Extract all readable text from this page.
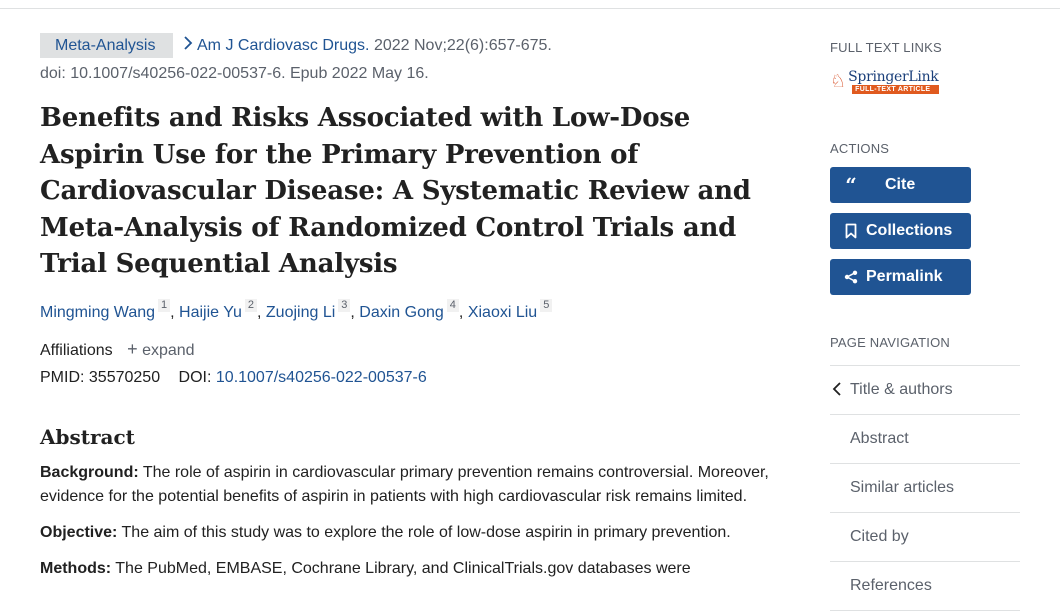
Meta-Analysis	Am J Cardiovasc Drugs. 2022 Nov;22(6):657-675.
doi: 10.1007/s40256-022-00537-6. Epub 2022 May 16.
Benefits and Risks Associated with Low-Dose Aspirin Use for the Primary Prevention of Cardiovascular Disease: A Systematic Review and Meta-Analysis of Randomized Control Trials and Trial Sequential Analysis
Mingming Wang 1 , Haijie Yu 2 , Zuojing Li 3 , Daxin Gong 4 , Xiaoxi Liu 5
Affiliations + expand
PMID: 35570250 DOI: 10.1007/s40256-022-00537-6
Abstract

Background: The role of aspirin in cardiovascular primary prevention remains controversial. Moreover, evidence for the potential benefits of aspirin in patients with high cardiovascular risk remains limited.

Objective: The aim of this study was to explore the role of low-dose aspirin in primary prevention.

Methods: The PubMed, EMBASE, Cochrane Library, and ClinicalTrials.gov databases were

FULL TEXT LINKS
♘ SpringerLink
FULL-TEXT ARTICLE
ACTIONS
“ Cite
Collections
Permalink
PAGE NAVIGATION
Title & authors
Abstract
Similar articles
Cited by
References
